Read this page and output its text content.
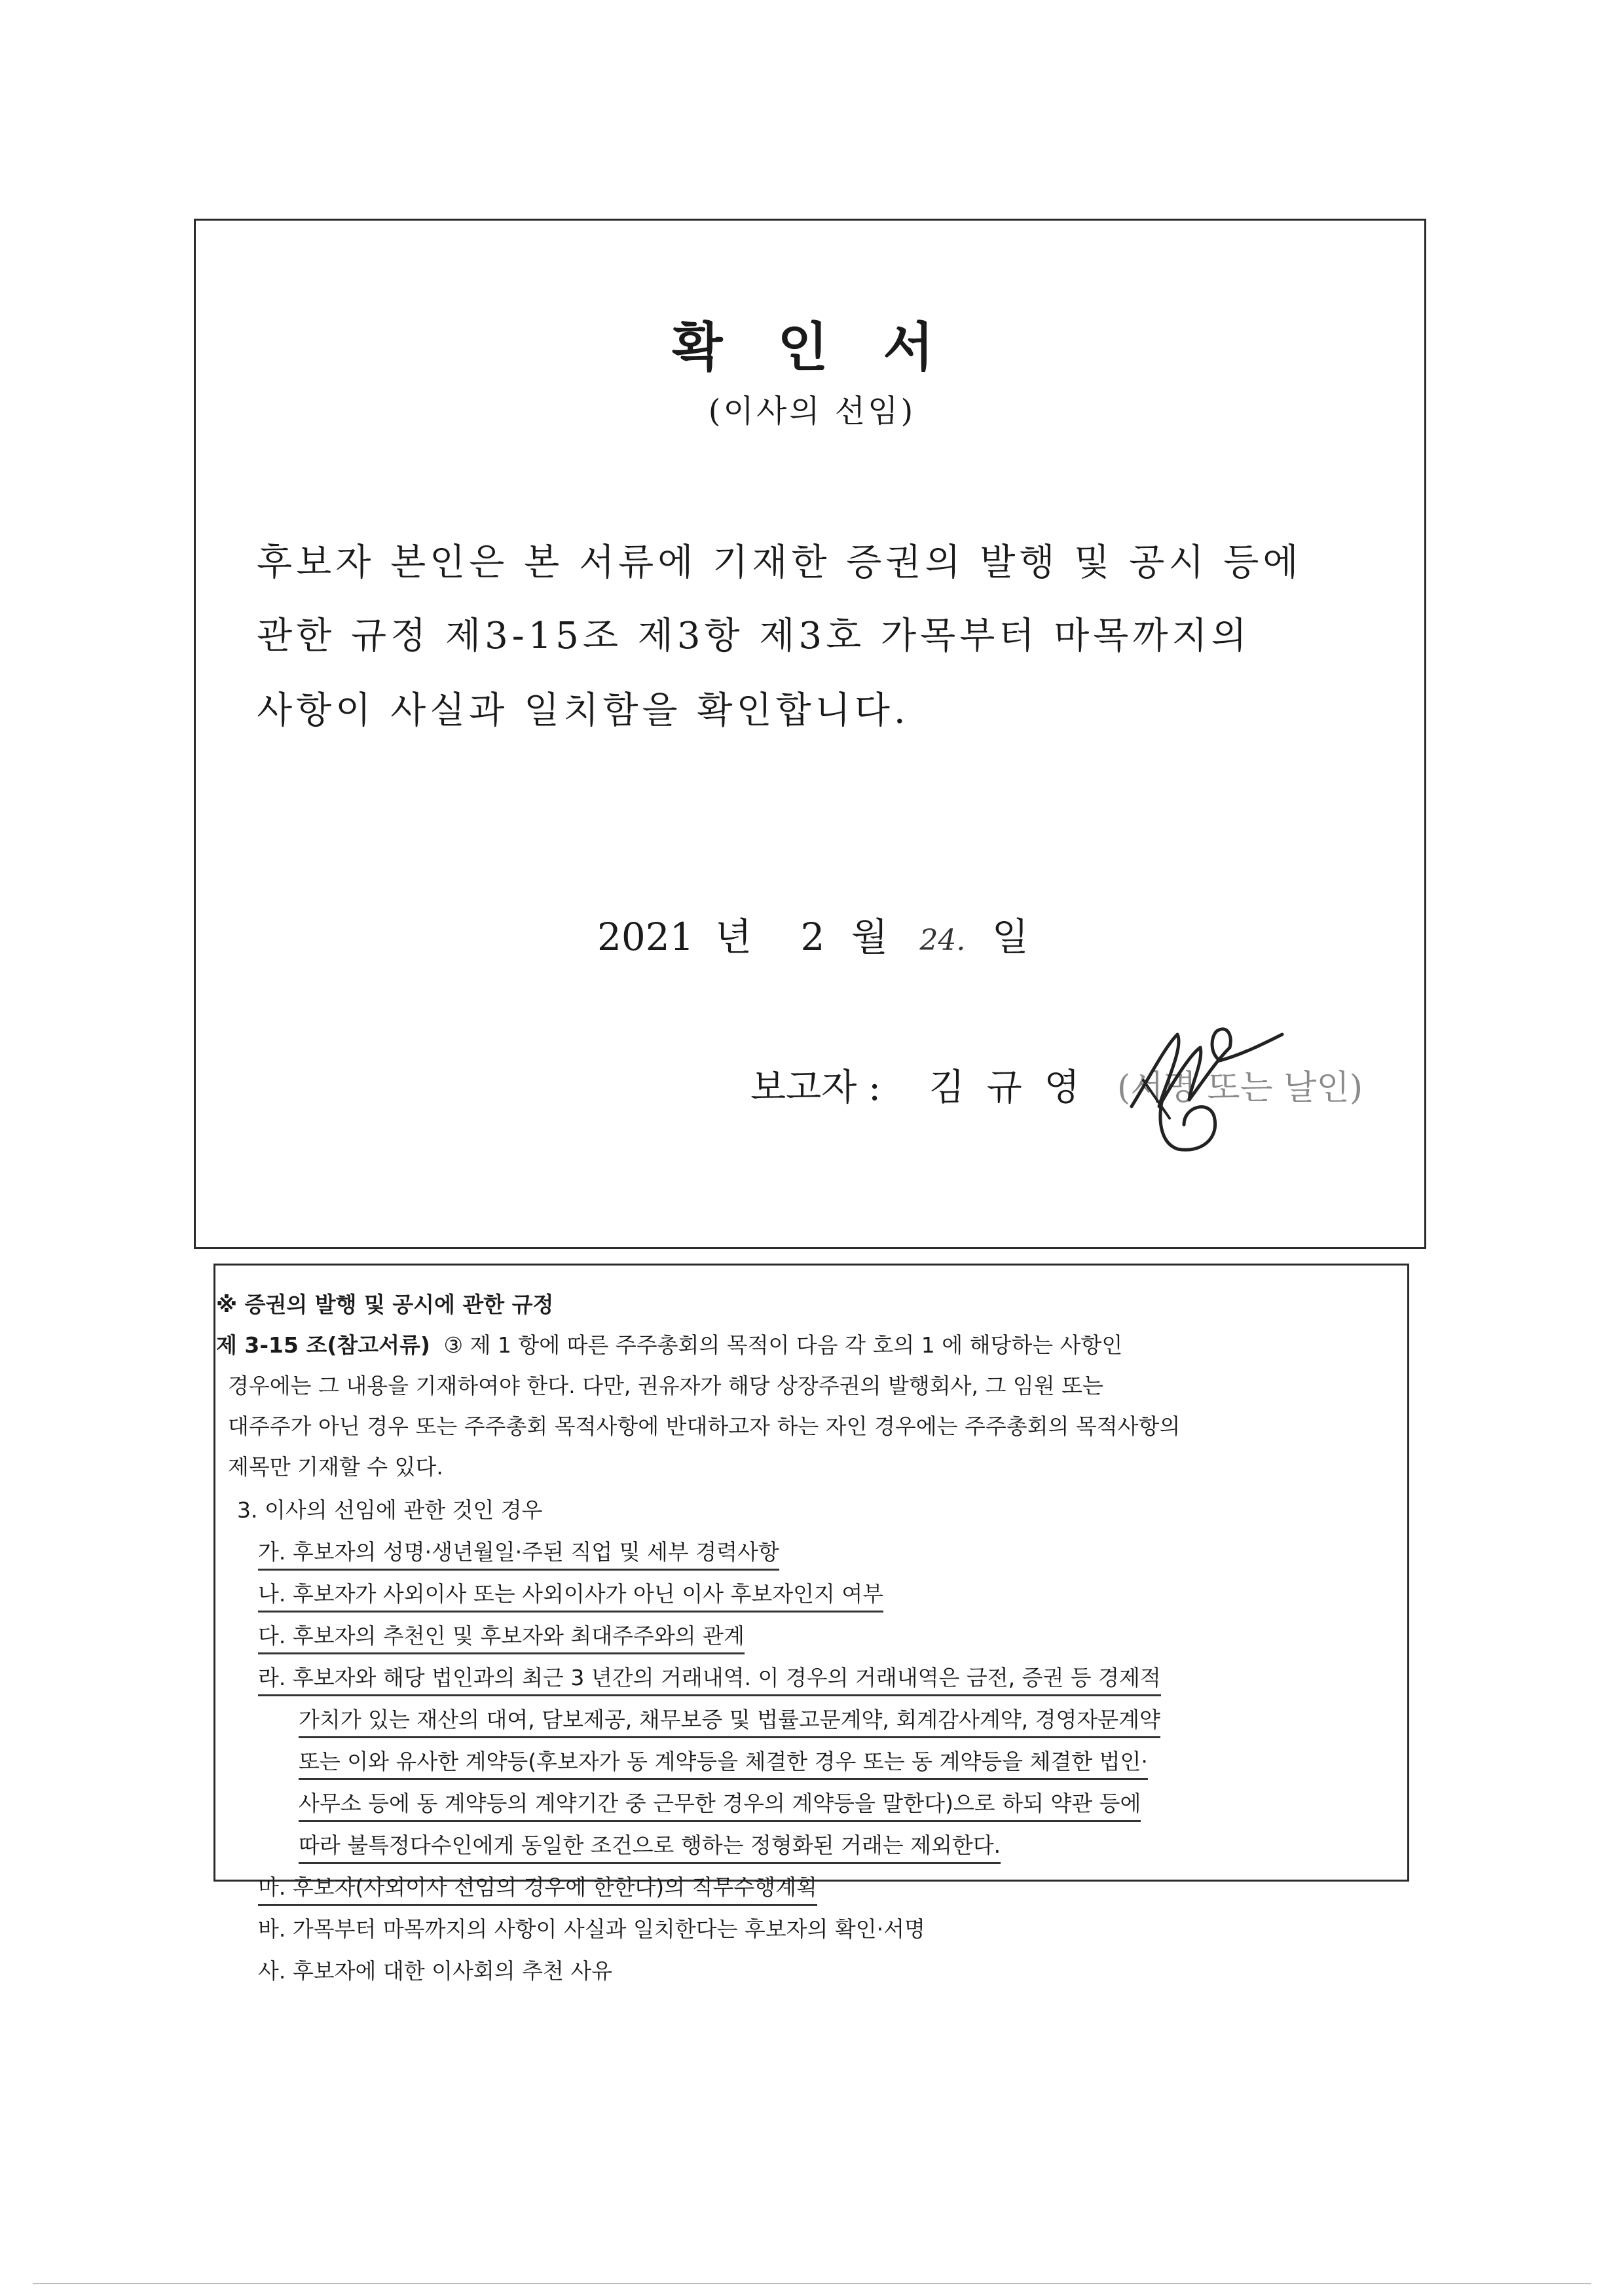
확 인 서
(이사의 선임)
후보자 본인은 본 서류에 기재한 증권의 발행 및 공시 등에
관한 규정 제3-15조 제3항 제3호 가목부터 마목까지의
사항이 사실과 일치함을 확인합니다.
2021 년 2 월 24. 일
보고자 : 김 규 영 (서명 또는 날인)
※ 증권의 발행 및 공시에 관한 규정
제 3-15 조(참고서류) ③ 제 1 항에 따른 주주총회의 목적이 다음 각 호의 1 에 해당하는 사항인
경우에는 그 내용을 기재하여야 한다. 다만, 권유자가 해당 상장주권의 발행회사, 그 임원 또는
대주주가 아닌 경우 또는 주주총회 목적사항에 반대하고자 하는 자인 경우에는 주주총회의 목적사항의
제목만 기재할 수 있다.
3. 이사의 선임에 관한 것인 경우
가. 후보자의 성명·생년월일·주된 직업 및 세부 경력사항
나. 후보자가 사외이사 또는 사외이사가 아닌 이사 후보자인지 여부
다. 후보자의 추천인 및 후보자와 최대주주와의 관계
라. 후보자와 해당 법인과의 최근 3 년간의 거래내역. 이 경우의 거래내역은 금전, 증권 등 경제적
가치가 있는 재산의 대여, 담보제공, 채무보증 및 법률고문계약, 회계감사계약, 경영자문계약
또는 이와 유사한 계약등(후보자가 동 계약등을 체결한 경우 또는 동 계약등을 체결한 법인·
사무소 등에 동 계약등의 계약기간 중 근무한 경우의 계약등을 말한다)으로 하되 약관 등에
따라 불특정다수인에게 동일한 조건으로 행하는 정형화된 거래는 제외한다.
마. 후보자(사외이사 선임의 경우에 한한다)의 직무수행계획
바. 가목부터 마목까지의 사항이 사실과 일치한다는 후보자의 확인·서명
사. 후보자에 대한 이사회의 추천 사유
